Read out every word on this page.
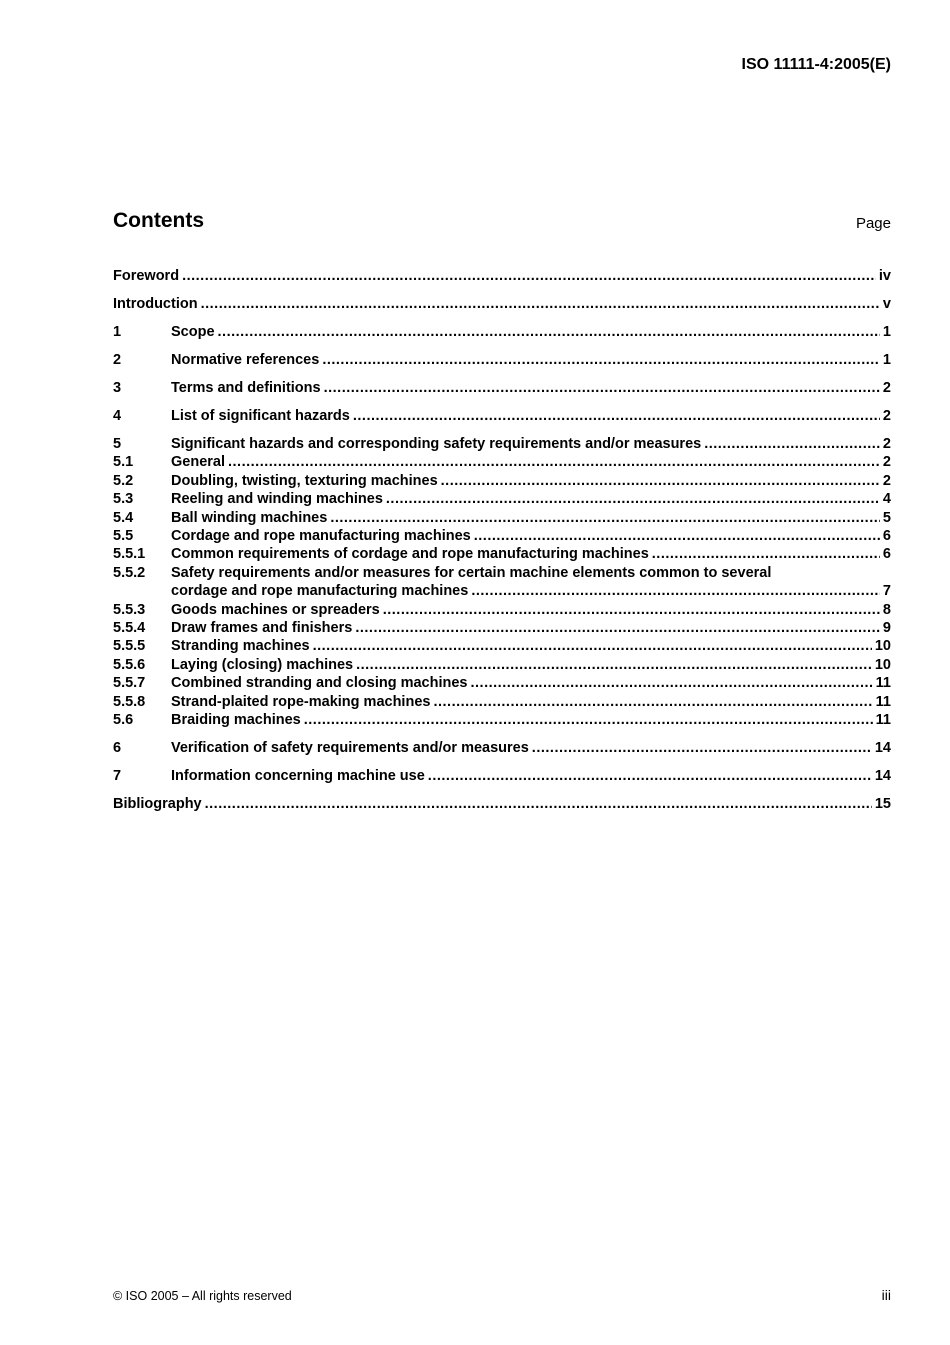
ISO 11111-4:2005(E)
Contents	Page
Foreword .....	iv
Introduction .....	v
1	Scope .....	1
2	Normative references .....	1
3	Terms and definitions .....	2
4	List of significant hazards .....	2
5	Significant hazards and corresponding safety requirements and/or measures .....	2
5.1	General .....	2
5.2	Doubling, twisting, texturing machines .....	2
5.3	Reeling and winding machines .....	4
5.4	Ball winding machines .....	5
5.5	Cordage and rope manufacturing machines .....	6
5.5.1	Common requirements of cordage and rope manufacturing machines .....	6
5.5.2	Safety requirements and/or measures for certain machine elements common to several
cordage and rope manufacturing machines .....	7
5.5.3	Goods machines or spreaders .....	8
5.5.4	Draw frames and finishers .....	9
5.5.5	Stranding machines .....	10
5.5.6	Laying (closing) machines .....	10
5.5.7	Combined stranding and closing machines .....	11
5.5.8	Strand-plaited rope-making machines .....	11
5.6	Braiding machines .....	11
6	Verification of safety requirements and/or measures .....	14
7	Information concerning machine use .....	14
Bibliography .....	15
© ISO 2005 – All rights reserved	iii
